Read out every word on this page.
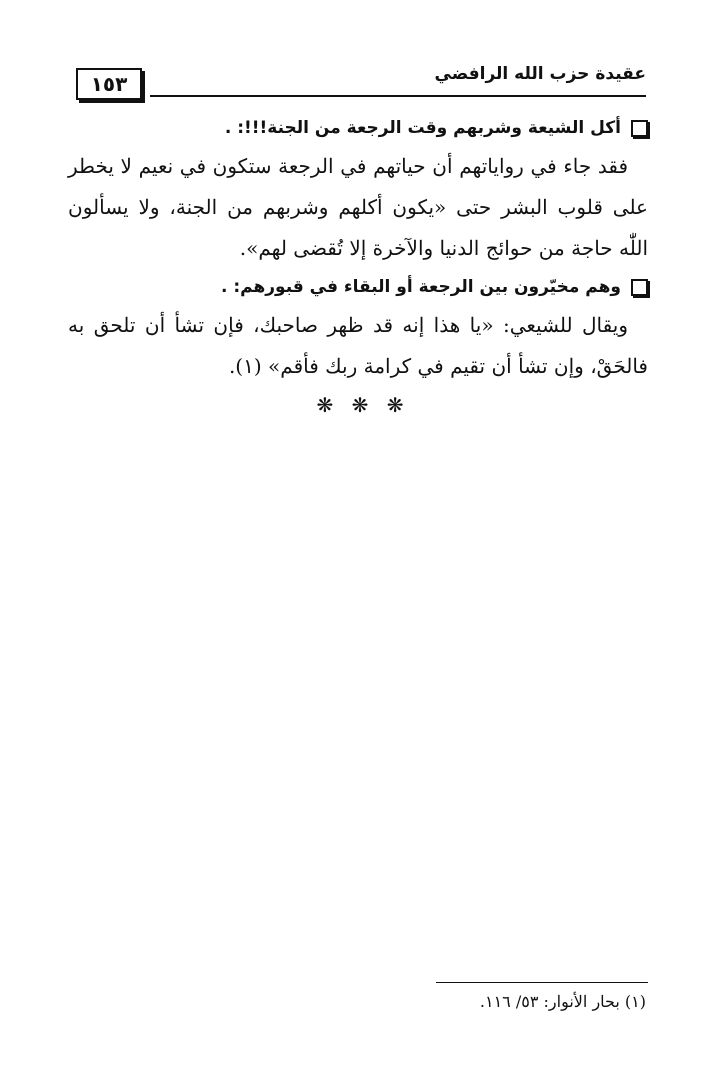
عقيدة حزب الله الرافضي
١٥٣
أكل الشيعة وشربهم وقت الرجعة من الجنة!!!: .

فقد جاء في رواياتهم أن حياتهم في الرجعة ستكون في نعيم لا يخطر على قلوب البشر حتى «يكون أكلهم وشربهم من الجنة، ولا يسألون اللّٰه حاجة من حوائج الدنيا والآخرة إلا تُقضى لهم».

وهم مخيّرون بين الرجعة أو البقاء في قبورهم: .

ويقال للشيعي: «يا هذا إنه قد ظهر صاحبك، فإن تشأ أن تلحق به فالحَقْ، وإن تشأ أن تقيم في كرامة ربك فأقم» (١).

❋ ❋ ❋
(١) بحار الأنوار: ٥٣/ ١١٦.
